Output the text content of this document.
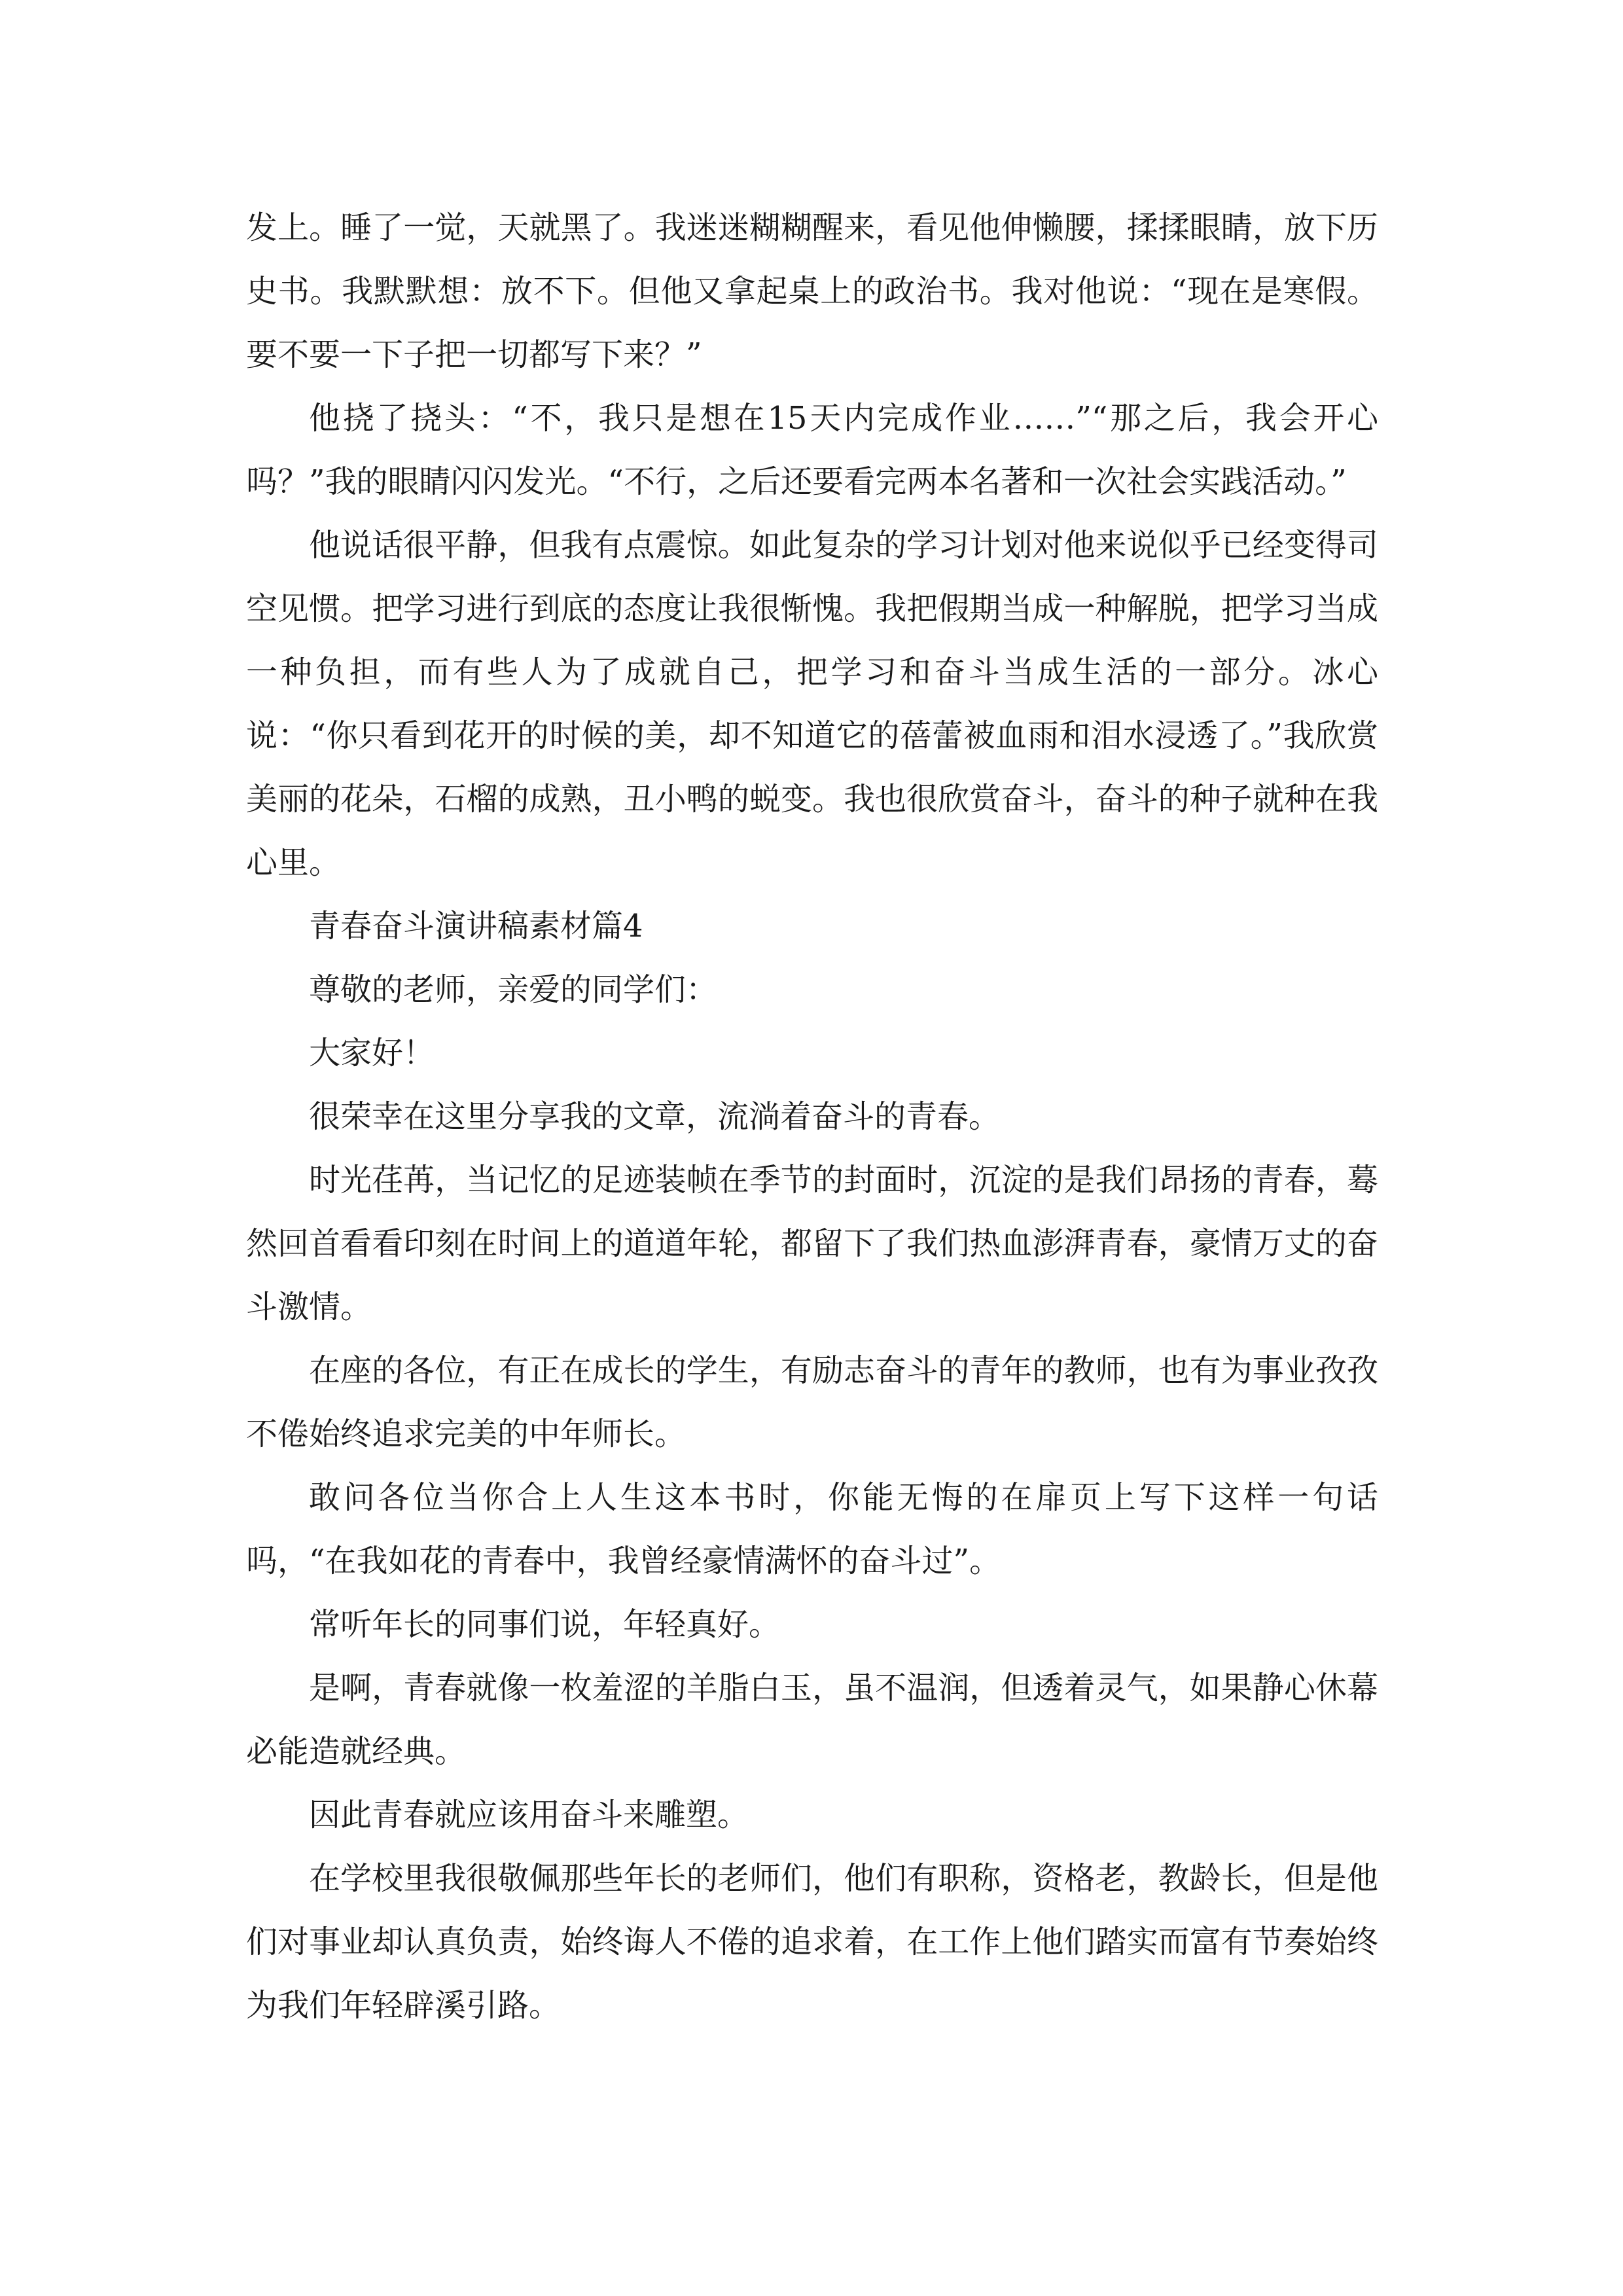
发上。睡了一觉，天就黑了。我迷迷糊糊醒来，看见他伸懒腰，揉揉眼睛，放下历史书。我默默想：放不下。但他又拿起桌上的政治书。我对他说：“现在是寒假。要不要一下子把一切都写下来？”

他挠了挠头：“不，我只是想在15天内完成作业……”“那之后，我会开心吗？”我的眼睛闪闪发光。“不行，之后还要看完两本名著和一次社会实践活动。”

他说话很平静，但我有点震惊。如此复杂的学习计划对他来说似乎已经变得司空见惯。把学习进行到底的态度让我很惭愧。我把假期当成一种解脱，把学习当成一种负担，而有些人为了成就自己，把学习和奋斗当成生活的一部分。冰心说：“你只看到花开的时候的美，却不知道它的蓓蕾被血雨和泪水浸透了。”我欣赏美丽的花朵，石榴的成熟，丑小鸭的蜕变。我也很欣赏奋斗，奋斗的种子就种在我心里。

青春奋斗演讲稿素材篇4

尊敬的老师，亲爱的同学们：

大家好！

很荣幸在这里分享我的文章，流淌着奋斗的青春。

时光荏苒，当记忆的足迹装帧在季节的封面时，沉淀的是我们昂扬的青春，蓦然回首看看印刻在时间上的道道年轮，都留下了我们热血澎湃青春，豪情万丈的奋斗激情。

在座的各位，有正在成长的学生，有励志奋斗的青年的教师，也有为事业孜孜不倦始终追求完美的中年师长。

敢问各位当你合上人生这本书时，你能无悔的在扉页上写下这样一句话吗，“在我如花的青春中，我曾经豪情满怀的奋斗过”。

常听年长的同事们说，年轻真好。

是啊，青春就像一枚羞涩的羊脂白玉，虽不温润，但透着灵气，如果静心休幕必能造就经典。

因此青春就应该用奋斗来雕塑。

在学校里我很敬佩那些年长的老师们，他们有职称，资格老，教龄长，但是他们对事业却认真负责，始终诲人不倦的追求着，在工作上他们踏实而富有节奏始终为我们年轻辟溪引路。
